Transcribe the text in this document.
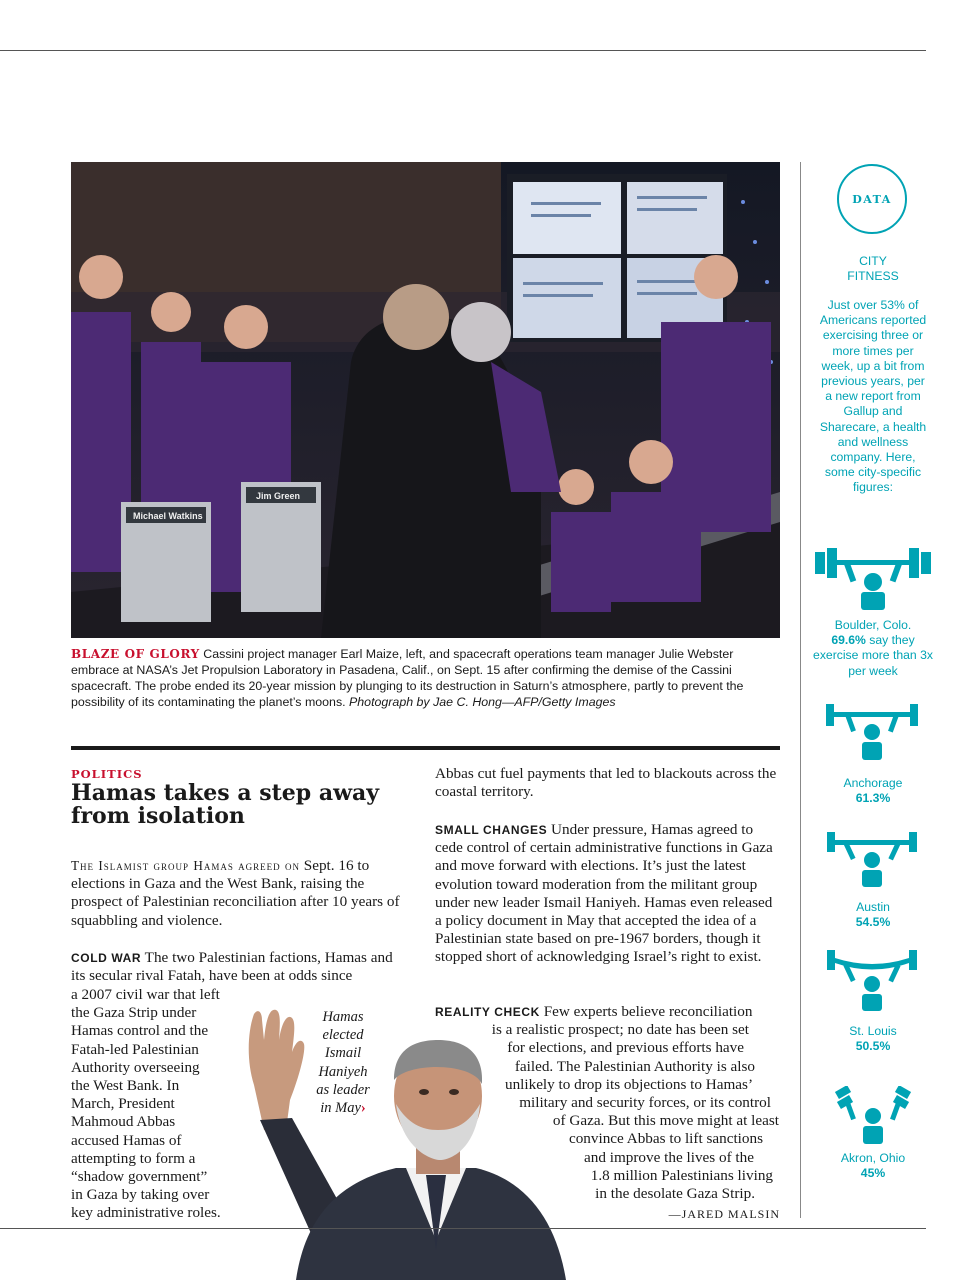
Michael Watkins
Jim Green
BLAZE OF GLORY Cassini project manager Earl Maize, left, and spacecraft operations team manager Julie Webster embrace at NASA’s Jet Propulsion Laboratory in Pasadena, Calif., on Sept. 15 after confirming the demise of the Cassini spacecraft. The probe ended its 20-year mission by plunging to its destruction in Saturn’s atmosphere, partly to prevent the possibility of its contaminating the planet’s moons. Photograph by Jae C. Hong—AFP/Getty Images
POLITICS
Hamas takes a step away from isolation
The Islamist group Hamas agreed on Sept. 16 to elections in Gaza and the West Bank, raising the prospect of Palestinian reconciliation after 10 years of squabbling and violence.
COLD WAR The two Palestinian factions, Hamas and its secular rival Fatah, have been at odds since
a 2007 civil war that left
the Gaza Strip under
Hamas control and the
Fatah-led Palestinian
Authority overseeing
the West Bank. In
March, President
Mahmoud Abbas
accused Hamas of
attempting to form a
“shadow government”
in Gaza by taking over
key administrative roles.
Hamas
elected
Ismail
Haniyeh
as leader
in May›
Abbas cut fuel payments that led to blackouts across the coastal territory.
SMALL CHANGES Under pressure, Hamas agreed to cede control of certain administrative functions in Gaza and move forward with elections. It’s just the latest evolution toward moderation from the militant group under new leader Ismail Haniyeh. Hamas even released a policy document in May that accepted the idea of a Palestinian state based on pre-1967 borders, though it stopped short of acknowledging Israel’s right to exist.
REALITY CHECK Few experts believe reconciliation
is a realistic prospect; no date has been set
for elections, and previous efforts have
failed. The Palestinian Authority is also
unlikely to drop its objections to Hamas’
military and security forces, or its control
of Gaza. But this move might at least
convince Abbas to lift sanctions
and improve the lives of the
1.8 million Palestinians living
in the desolate Gaza Strip.
—JARED MALSIN
DATA
CITY
FITNESS
Just over 53% of Americans reported exercising three or more times per week, up a bit from previous years, per a new report from Gallup and Sharecare, a health and wellness company. Here, some city-specific figures:
Boulder, Colo.
69.6% say they exercise more than 3x per week
Anchorage
61.3%
Austin
54.5%
St. Louis
50.5%
Akron, Ohio
45%
